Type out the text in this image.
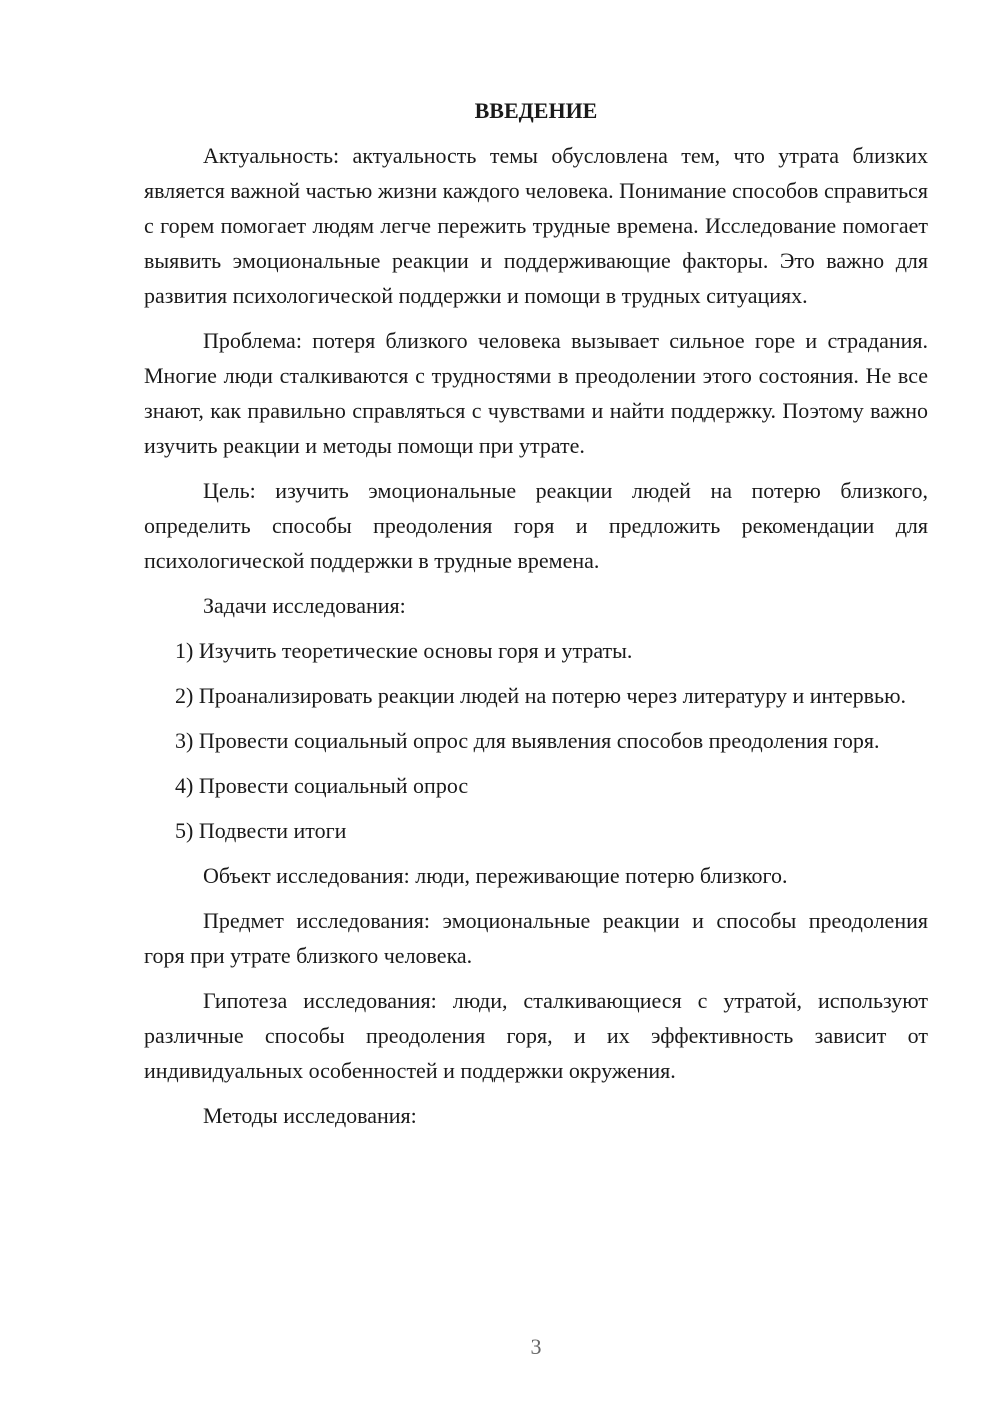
ВВЕДЕНИЕ

Актуальность: актуальность темы обусловлена тем, что утрата близких является важной частью жизни каждого человека. Понимание способов справиться с горем помогает людям легче пережить трудные времена. Исследование помогает выявить эмоциональные реакции и поддерживающие факторы. Это важно для развития психологической поддержки и помощи в трудных ситуациях.

Проблема: потеря близкого человека вызывает сильное горе и страдания. Многие люди сталкиваются с трудностями в преодолении этого состояния. Не все знают, как правильно справляться с чувствами и найти поддержку. Поэтому важно изучить реакции и методы помощи при утрате.

Цель: изучить эмоциональные реакции людей на потерю близкого, определить способы преодоления горя и предложить рекомендации для психологической поддержки в трудные времена.

Задачи исследования:

1) Изучить теоретические основы горя и утраты.

2) Проанализировать реакции людей на потерю через литературу и интервью.

3) Провести социальный опрос для выявления способов преодоления горя.

4) Провести социальный опрос

5) Подвести итоги

Объект исследования: люди, переживающие потерю близкого.

Предмет исследования: эмоциональные реакции и способы преодоления горя при утрате близкого человека.

Гипотеза исследования: люди, сталкивающиеся с утратой, используют различные способы преодоления горя, и их эффективность зависит от индивидуальных особенностей и поддержки окружения.

Методы исследования:

3
